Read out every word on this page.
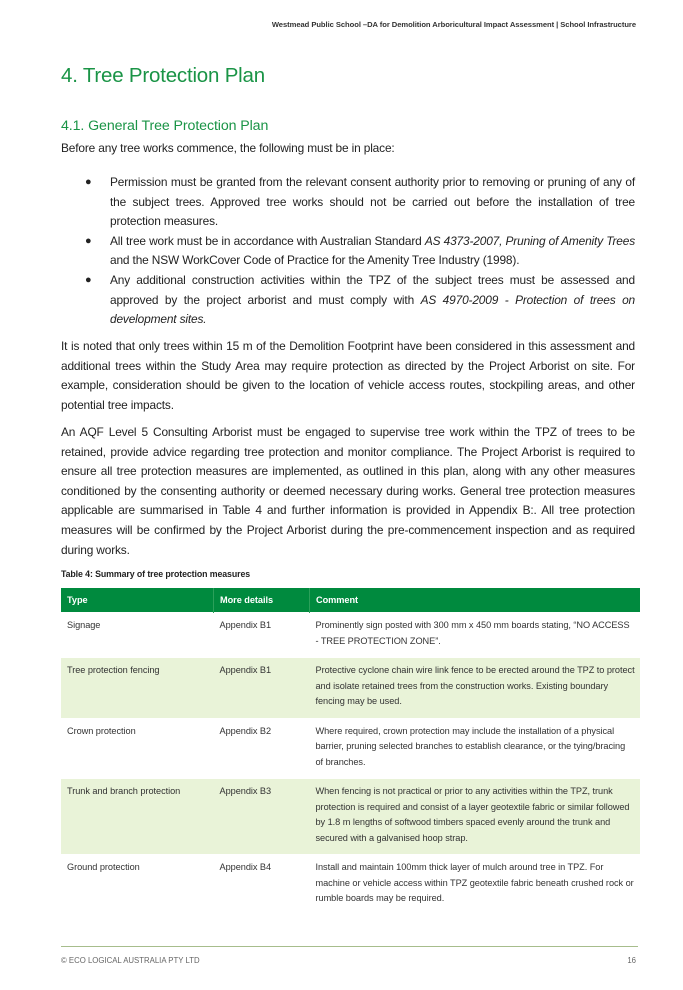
Westmead Public School –DA for Demolition Arboricultural Impact Assessment | School Infrastructure
4. Tree Protection Plan
4.1. General Tree Protection Plan

Before any tree works commence, the following must be in place:

● Permission must be granted from the relevant consent authority prior to removing or pruning of any of the subject trees. Approved tree works should not be carried out before the installation of tree protection measures.
● All tree work must be in accordance with Australian Standard AS 4373-2007, Pruning of Amenity Trees and the NSW WorkCover Code of Practice for the Amenity Tree Industry (1998).
● Any additional construction activities within the TPZ of the subject trees must be assessed and approved by the project arborist and must comply with AS 4970-2009 - Protection of trees on development sites.

It is noted that only trees within 15 m of the Demolition Footprint have been considered in this assessment and additional trees within the Study Area may require protection as directed by the Project Arborist on site. For example, consideration should be given to the location of vehicle access routes, stockpiling areas, and other potential tree impacts.

An AQF Level 5 Consulting Arborist must be engaged to supervise tree work within the TPZ of trees to be retained, provide advice regarding tree protection and monitor compliance. The Project Arborist is required to ensure all tree protection measures are implemented, as outlined in this plan, along with any other measures conditioned by the consenting authority or deemed necessary during works. General tree protection measures applicable are summarised in Table 4 and further information is provided in Appendix B:. All tree protection measures will be confirmed by the Project Arborist during the pre-commencement inspection and as required during works.

Table 4: Summary of tree protection measures
Type	More details	Comment
Signage	Appendix B1	Prominently sign posted with 300 mm x 450 mm boards stating, “NO ACCESS - TREE PROTECTION ZONE”.
Tree protection fencing	Appendix B1	Protective cyclone chain wire link fence to be erected around the TPZ to protect and isolate retained trees from the construction works. Existing boundary fencing may be used.
Crown protection	Appendix B2	Where required, crown protection may include the installation of a physical barrier, pruning selected branches to establish clearance, or the tying/bracing of branches.
Trunk and branch protection	Appendix B3	When fencing is not practical or prior to any activities within the TPZ, trunk protection is required and consist of a layer geotextile fabric or similar followed by 1.8 m lengths of softwood timbers spaced evenly around the trunk and secured with a galvanised hoop strap.
Ground protection	Appendix B4	Install and maintain 100mm thick layer of mulch around tree in TPZ. For machine or vehicle access within TPZ geotextile fabric beneath crushed rock or rumble boards may be required.
© ECO LOGICAL AUSTRALIA PTY LTD	16
